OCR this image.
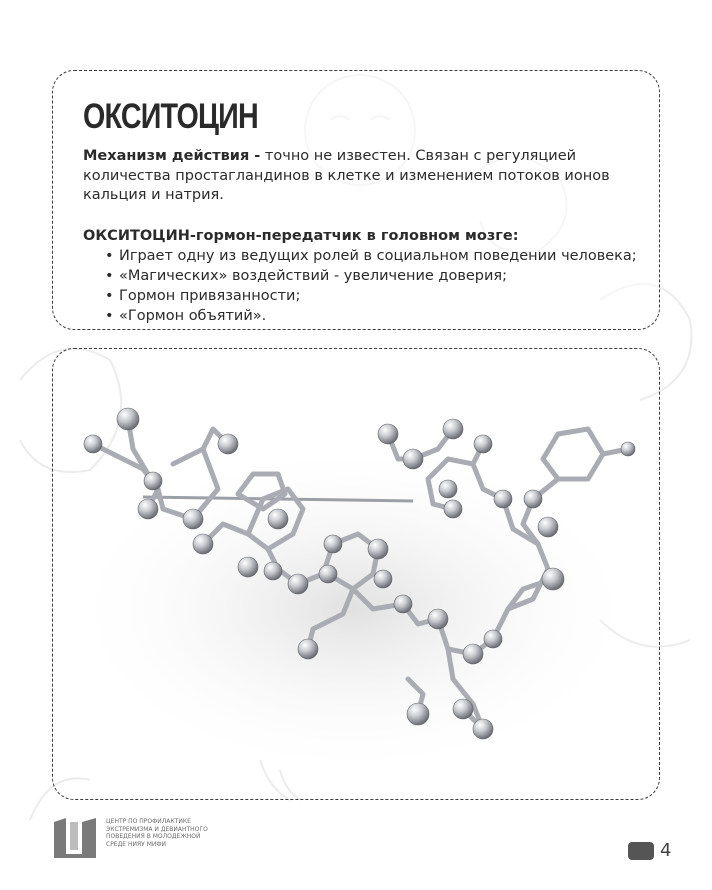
ОКСИТОЦИН

Механизм действия - точно не известен. Связан с регуляцией количества простагландинов в клетке и изменением потоков ионов кальция и натрия.

ОКСИТОЦИН-гормон-передатчик в головном мозге:

• Играет одну из ведущих ролей в социальном поведении человека;
• «Магических» воздействий - увеличение доверия;
• Гормон привязанности;
• «Гормон объятий».
ЦЕНТР ПО ПРОФИЛАКТИКЕ
ЭКСТРЕМИЗМА И ДЕВИАНТНОГО
ПОВЕДЕНИЯ В МОЛОДЕЖНОЙ
СРЕДЕ НИЯУ МИФИ	4
